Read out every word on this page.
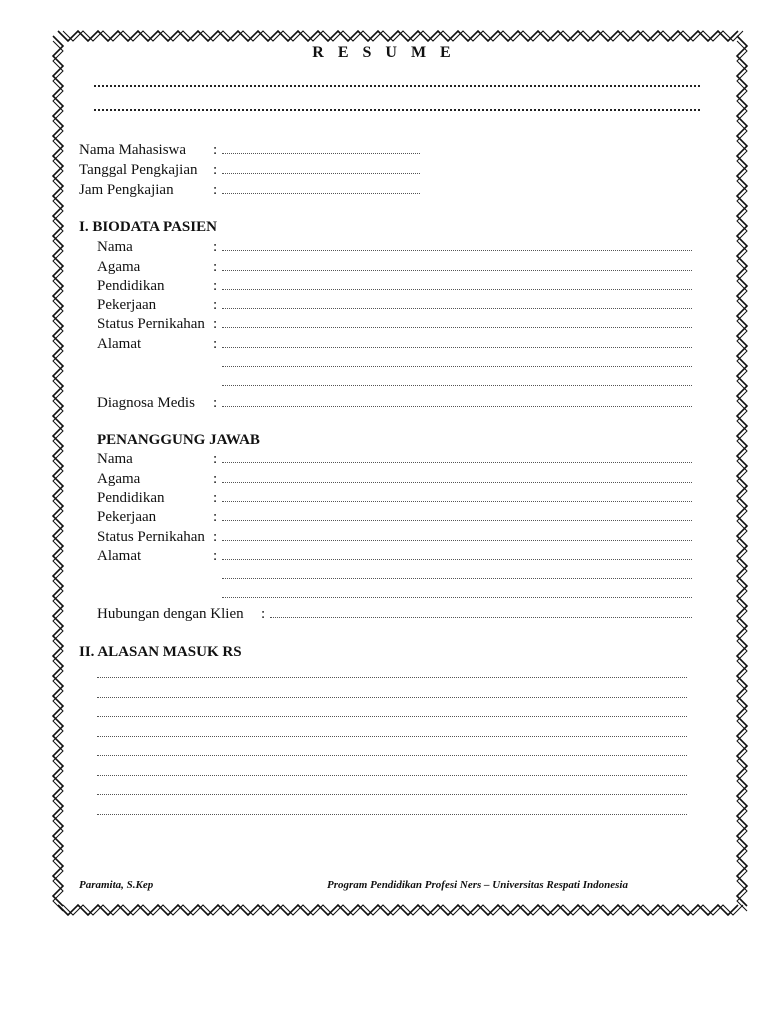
R E S U M E
Nama Mahasiswa :
Tanggal Pengkajian :
Jam Pengkajian	:
I. BIODATA PASIEN
Nama	:
Agama	:
Pendidikan	:
Pekerjaan	:
Status Pernikahan :
Alamat	:
Diagnosa Medis :
PENANGGUNG JAWAB
Nama	:
Agama	:
Pendidikan	:
Pekerjaan	:
Status Pernikahan :
Alamat	:
Hubungan dengan Klien :
II. ALASAN MASUK RS
Paramita, S.Kep	Program Pendidikan Profesi Ners – Universitas Respati Indonesia
